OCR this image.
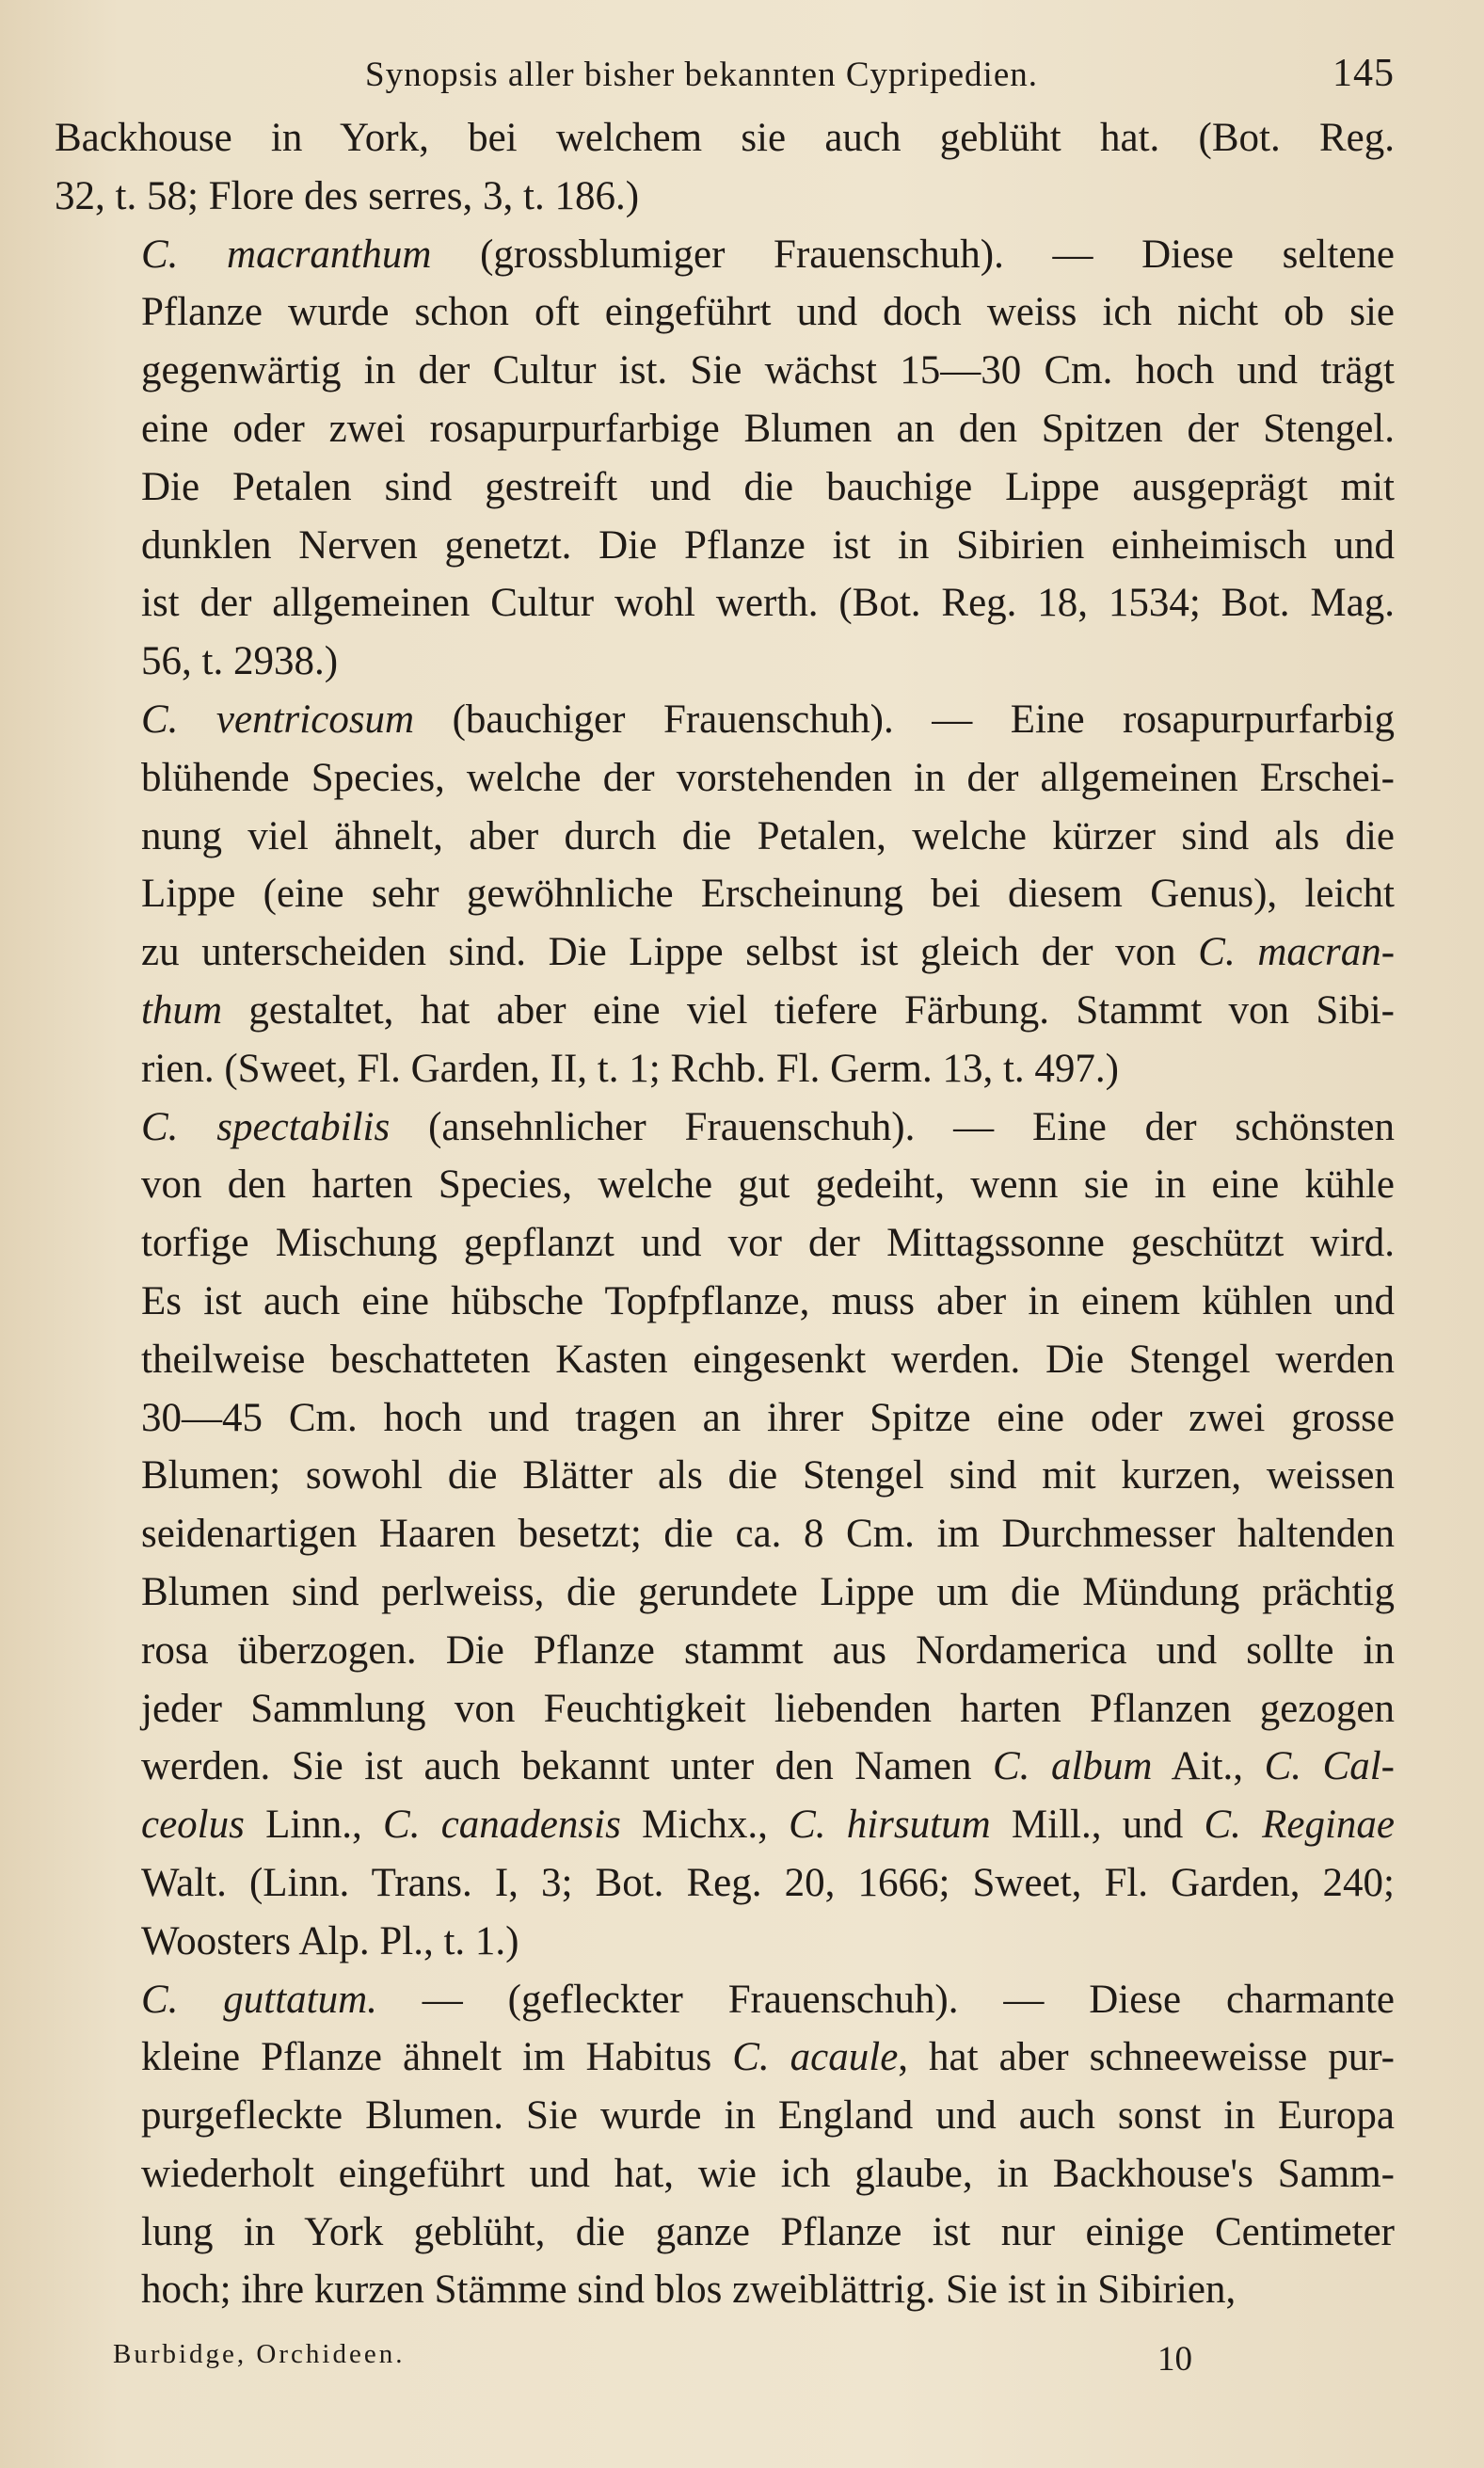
Synopsis aller bisher bekannten Cypripedien.	145
Backhouse in York, bei welchem sie auch geblüht hat. (Bot. Reg.
32, t. 58; Flore des serres, 3, t. 186.)
C. macranthum (grossblumiger Frauenschuh). — Diese seltene
Pflanze wurde schon oft eingeführt und doch weiss ich nicht ob sie
gegenwärtig in der Cultur ist. Sie wächst 15—30 Cm. hoch und trägt
eine oder zwei rosapurpurfarbige Blumen an den Spitzen der Stengel.
Die Petalen sind gestreift und die bauchige Lippe ausgeprägt mit
dunklen Nerven genetzt. Die Pflanze ist in Sibirien einheimisch und
ist der allgemeinen Cultur wohl werth. (Bot. Reg. 18, 1534; Bot. Mag.
56, t. 2938.)
C. ventricosum (bauchiger Frauenschuh). — Eine rosapurpurfarbig
blühende Species, welche der vorstehenden in der allgemeinen Erschei-
nung viel ähnelt, aber durch die Petalen, welche kürzer sind als die
Lippe (eine sehr gewöhnliche Erscheinung bei diesem Genus), leicht
zu unterscheiden sind. Die Lippe selbst ist gleich der von C. macran-
thum gestaltet, hat aber eine viel tiefere Färbung. Stammt von Sibi-
rien. (Sweet, Fl. Garden, II, t. 1; Rchb. Fl. Germ. 13, t. 497.)
C. spectabilis (ansehnlicher Frauenschuh). — Eine der schönsten
von den harten Species, welche gut gedeiht, wenn sie in eine kühle
torfige Mischung gepflanzt und vor der Mittagssonne geschützt wird.
Es ist auch eine hübsche Topfpflanze, muss aber in einem kühlen und
theilweise beschatteten Kasten eingesenkt werden. Die Stengel werden
30—45 Cm. hoch und tragen an ihrer Spitze eine oder zwei grosse
Blumen; sowohl die Blätter als die Stengel sind mit kurzen, weissen
seidenartigen Haaren besetzt; die ca. 8 Cm. im Durchmesser haltenden
Blumen sind perlweiss, die gerundete Lippe um die Mündung prächtig
rosa überzogen. Die Pflanze stammt aus Nordamerica und sollte in
jeder Sammlung von Feuchtigkeit liebenden harten Pflanzen gezogen
werden. Sie ist auch bekannt unter den Namen C. album Ait., C. Cal-
ceolus Linn., C. canadensis Michx., C. hirsutum Mill., und C. Reginae
Walt. (Linn. Trans. I, 3; Bot. Reg. 20, 1666; Sweet, Fl. Garden, 240;
Woosters Alp. Pl., t. 1.)
C. guttatum. — (gefleckter Frauenschuh). — Diese charmante
kleine Pflanze ähnelt im Habitus C. acaule, hat aber schneeweisse pur-
purgefleckte Blumen. Sie wurde in England und auch sonst in Europa
wiederholt eingeführt und hat, wie ich glaube, in Backhouse's Samm-
lung in York geblüht, die ganze Pflanze ist nur einige Centimeter
hoch; ihre kurzen Stämme sind blos zweiblättrig. Sie ist in Sibirien,
Burbidge, Orchideen.	10
